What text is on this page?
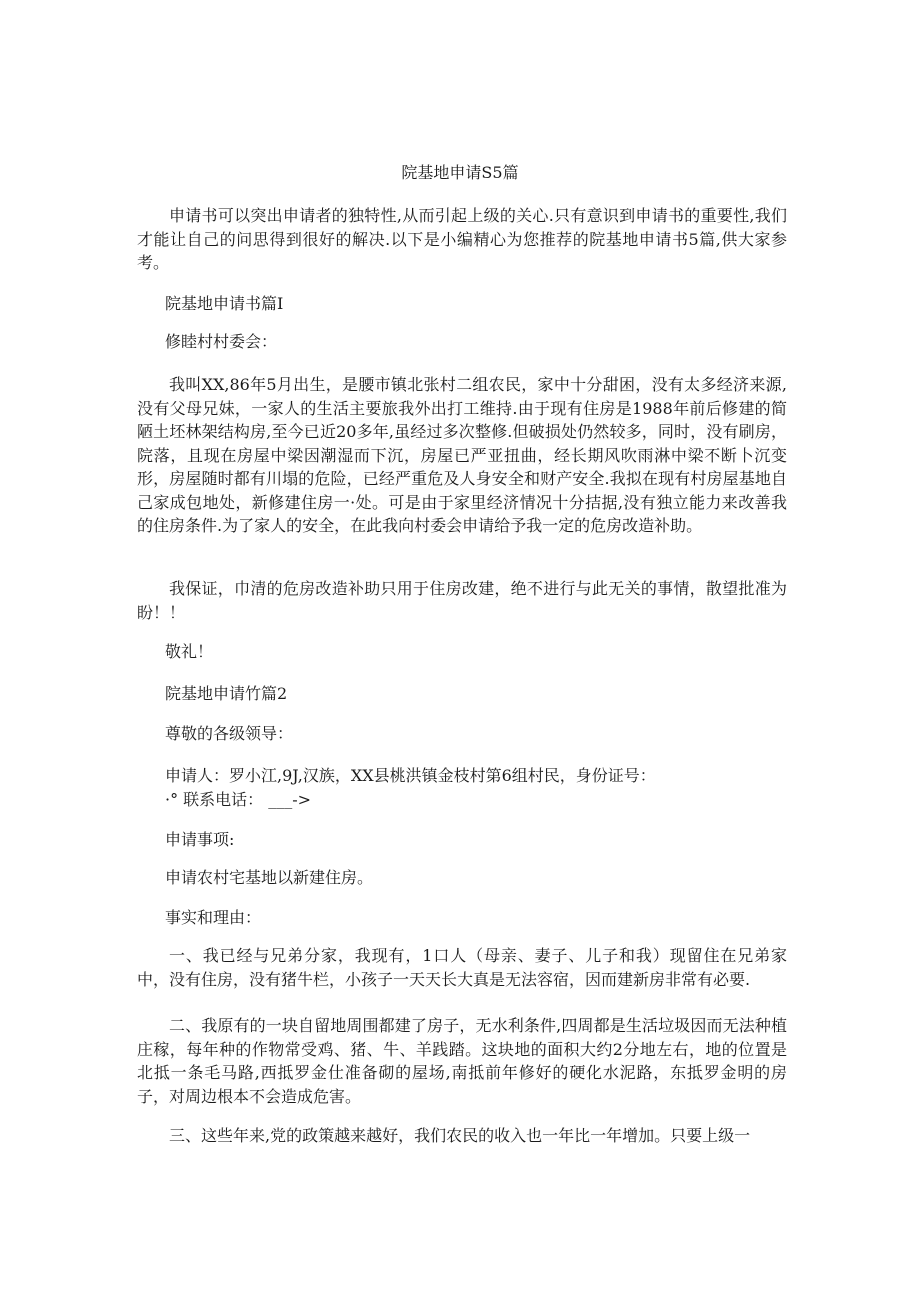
院基地申请S5篇

申请书可以突出申请者的独特性,从而引起上级的关心.只有意识到申请书的重要性,我们才能让自己的问思得到很好的解决.以下是小编精心为您推荐的院基地申请书5篇,供大家参考。

院基地申请书篇I

修睦村村委会：

我叫XX,86年5月出生，是腰市镇北张村二组农民，家中十分甜困，没有太多经济来源,没有父母兄妹，一家人的生活主要旅我外出打工维持.由于现有住房是1988年前后修建的简陋土坯林架结构房,至今已近20多年,虽经过多次整修.但破损处仍然较多，同时，没有刷房，院落，且现在房屋中梁因潮湿而下沉，房屋已严亚扭曲，经长期风吹雨淋中梁不断卜沉变形，房屋随时都有川塌的危险，已经严重危及人身安全和财产安全.我拟在现有村房屋基地自己家成包地处，新修建住房一·处。可是由于家里经济情况十分拮据,没有独立能力来改善我的住房条件.为了家人的安全，在此我向村委会申请给予我一定的危房改造补助。

我保证，巾清的危房改造补助只用于住房改建，绝不进行与此无关的事情，散望批准为盼！！

敬礼！

院基地申请竹篇2

尊敬的各级领导：

申请人：罗小江,9J,汉族，XX县桃洪镇金枝村第6组村民，身份证号：

·° 联系电话： ___->

申请事项:

申请农村宅基地以新建住房。

事实和理由：

一、我已经与兄弟分家，我现有，1口人（母亲、妻子、儿子和我）现留住在兄弟家中，没有住房，没有猪牛栏，小孩子一天天长大真是无法容宿，因而建新房非常有必要.

二、我原有的一块自留地周围都建了房子，无水利条件,四周都是生活垃圾因而无法种植庄稼，每年种的作物常受鸡、猪、牛、羊践踏。这块地的面积大约2分地左右，地的位置是北抵一条毛马路,西抵罗金仕准备砌的屋场,南抵前年修好的硬化水泥路，东抵罗金明的房子，对周边根本不会造成危害。

三、这些年来,党的政策越来越好，我们农民的收入也一年比一年增加。只要上级一
